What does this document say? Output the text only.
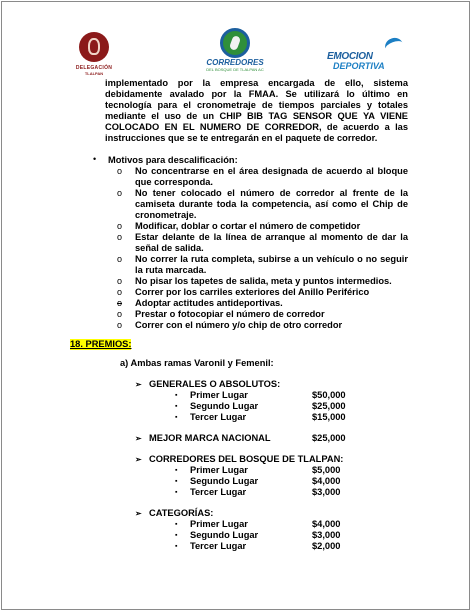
DELEGACIÓN
TLALPAN
CORREDORES
DEL BOSQUE DE TLALPAN AC
EMOCION
DEPORTIVA
implementado por la empresa encargada de ello, sistema
debidamente avalado por la FMAA. Se utilizará lo último en
tecnología para el cronometraje de tiempos parciales y totales
mediante el uso de un CHIP BIB TAG SENSOR QUE YA VIENE
COLOCADO EN EL NUMERO DE CORREDOR, de acuerdo a las
instrucciones que se te entregarán en el paquete de corredor.
• Motivos para descalificación:
o No concentrarse en el área designada de acuerdo al bloque
que corresponda.
o No tener colocado el número de corredor al frente de la
camiseta durante toda la competencia, así como el Chip de
cronometraje.
o Modificar, doblar o cortar el número de competidor
o Estar delante de la línea de arranque al momento de dar la
señal de salida.
o No correr la ruta completa, subirse a un vehículo o no seguir
la ruta marcada.
o No pisar los tapetes de salida, meta y puntos intermedios.
o Correr por los carriles exteriores del Anillo Periférico
o Adoptar actitudes antideportivas.
o Prestar o fotocopiar el número de corredor
o Correr con el número y/o chip de otro corredor
18. PREMIOS:
a) Ambas ramas Varonil y Femenil:
➢ GENERALES O ABSOLUTOS:
▪ Primer Lugar	$50,000
▪ Segundo Lugar	$25,000
▪ Tercer Lugar	$15,000
➢ MEJOR MARCA NACIONAL	$25,000
➢ CORREDORES DEL BOSQUE DE TLALPAN:
▪ Primer Lugar	$5,000
▪ Segundo Lugar	$4,000
▪ Tercer Lugar	$3,000
➢ CATEGORÍAS:
▪ Primer Lugar	$4,000
▪ Segundo Lugar	$3,000
▪ Tercer Lugar	$2,000
